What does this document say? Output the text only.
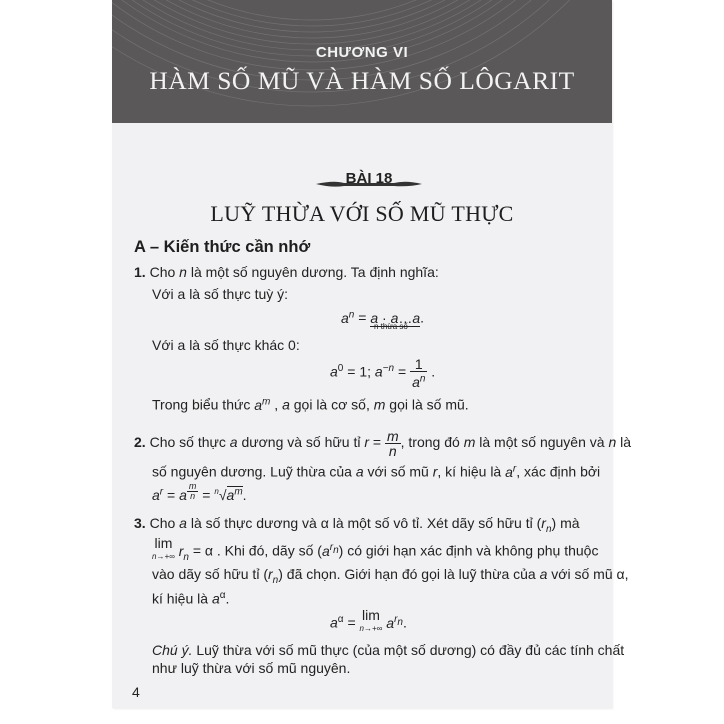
CHƯƠNG VI
HÀM SỐ MŨ VÀ HÀM SỐ LÔGARIT
BÀI 18
LUỸ THỪA VỚI SỐ MŨ THỰC
A – Kiến thức cần nhớ
1. Cho n là một số nguyên dương. Ta định nghĩa:
Với a là số thực tuỳ ý:
$a^n = a$ · a…a.
n thừa số
Với a là số thực khác 0:
$a^0 = 1$; $a^{-n} = \frac{1}{a^n}$ .
Trong biểu thức $a^m$ , a gọi là cơ số, m gọi là số mũ.
2. Cho số thực a dương và số hữu tỉ $r = \frac{m}{n}$ , trong đó m là một số nguyên và n là
số nguyên dương. Luỹ thừa của a với số mũ r, kí hiệu là $a^r$, xác định bởi
$a^r = a$ $^{\frac{m}{n}} = ^n√a^m$.
3. Cho a là số thực dương và α là một số vô tỉ. Xét dãy số hữu tỉ $(r_n)$ mà
lim
n→+∞ $r_n = \alpha$ . Khi đó, dãy số $(a^{r_n})$ có giới hạn xác định và không phụ thuộc
vào dãy số hữu tỉ $(r_n)$ đã chọn. Giới hạn đó gọi là luỹ thừa của a với số mũ α,
kí hiệu là $a^\alpha$.
$a^\alpha = \lim$
n→+∞ $a^{r_n}$.
Chú ý. Luỹ thừa với số mũ thực (của một số dương) có đầy đủ các tính chất
như luỹ thừa với số mũ nguyên.
4
